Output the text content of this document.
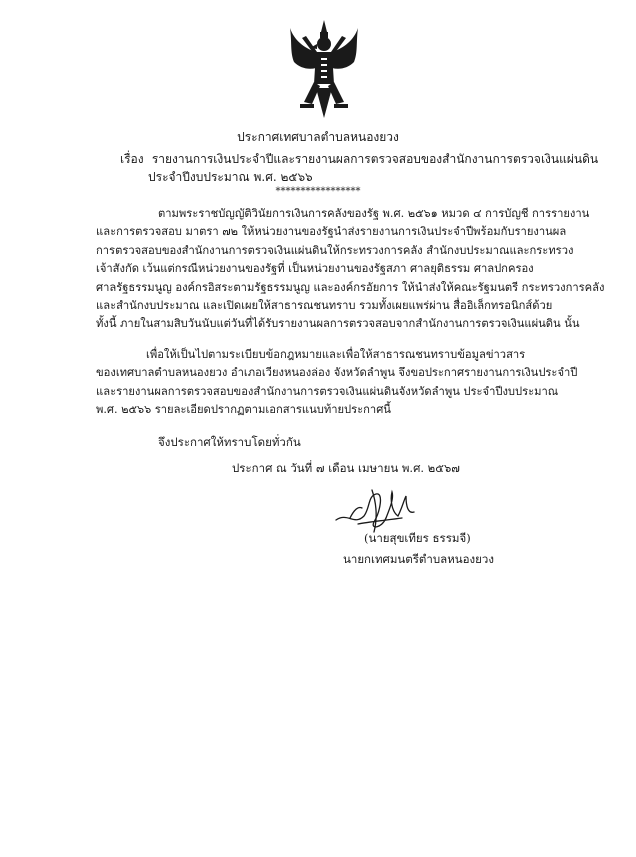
ประกาศเทศบาลตำบลหนองยวง
เรื่อง รายงานการเงินประจำปีและรายงานผลการตรวจสอบของสำนักงานการตรวจเงินแผ่นดิน
ประจำปีงบประมาณ พ.ศ. ๒๕๖๖
*****************
ตามพระราชบัญญัติวินัยการเงินการคลังของรัฐ พ.ศ. ๒๕๖๑ หมวด ๔ การบัญชี การรายงาน
และการตรวจสอบ มาตรา ๗๒ ให้หน่วยงานของรัฐนำส่งรายงานการเงินประจำปีพร้อมกับรายงานผล
การตรวจสอบของสำนักงานการตรวจเงินแผ่นดินให้กระทรวงการคลัง สำนักงบประมาณและกระทรวง
เจ้าสังกัด เว้นแต่กรณีหน่วยงานของรัฐที่ เป็นหน่วยงานของรัฐสภา ศาลยุติธรรม ศาลปกครอง
ศาลรัฐธรรมนูญ องค์กรอิสระตามรัฐธรรมนูญ และองค์กรอัยการ ให้นำส่งให้คณะรัฐมนตรี กระทรวงการคลัง
และสำนักงบประมาณ และเปิดเผยให้สาธารณชนทราบ รวมทั้งเผยแพร่ผ่าน สื่ออิเล็กทรอนิกส์ด้วย
ทั้งนี้ ภายในสามสิบวันนับแต่วันที่ได้รับรายงานผลการตรวจสอบจากสำนักงานการตรวจเงินแผ่นดิน นั้น
เพื่อให้เป็นไปตามระเบียบข้อกฎหมายและเพื่อให้สาธารณชนทราบข้อมูลข่าวสาร
ของเทศบาลตำบลหนองยวง อำเภอเวียงหนองล่อง จังหวัดลำพูน จึงขอประกาศรายงานการเงินประจำปี
และรายงานผลการตรวจสอบของสำนักงานการตรวจเงินแผ่นดินจังหวัดลำพูน ประจำปีงบประมาณ
พ.ศ. ๒๕๖๖ รายละเอียดปรากฏตามเอกสารแนบท้ายประกาศนี้
จึงประกาศให้ทราบโดยทั่วกัน
ประกาศ ณ วันที่ ๗ เดือน เมษายน พ.ศ. ๒๕๖๗
(นายสุขเทียร ธรรมจี)
นายกเทศมนตรีตำบลหนองยวง
